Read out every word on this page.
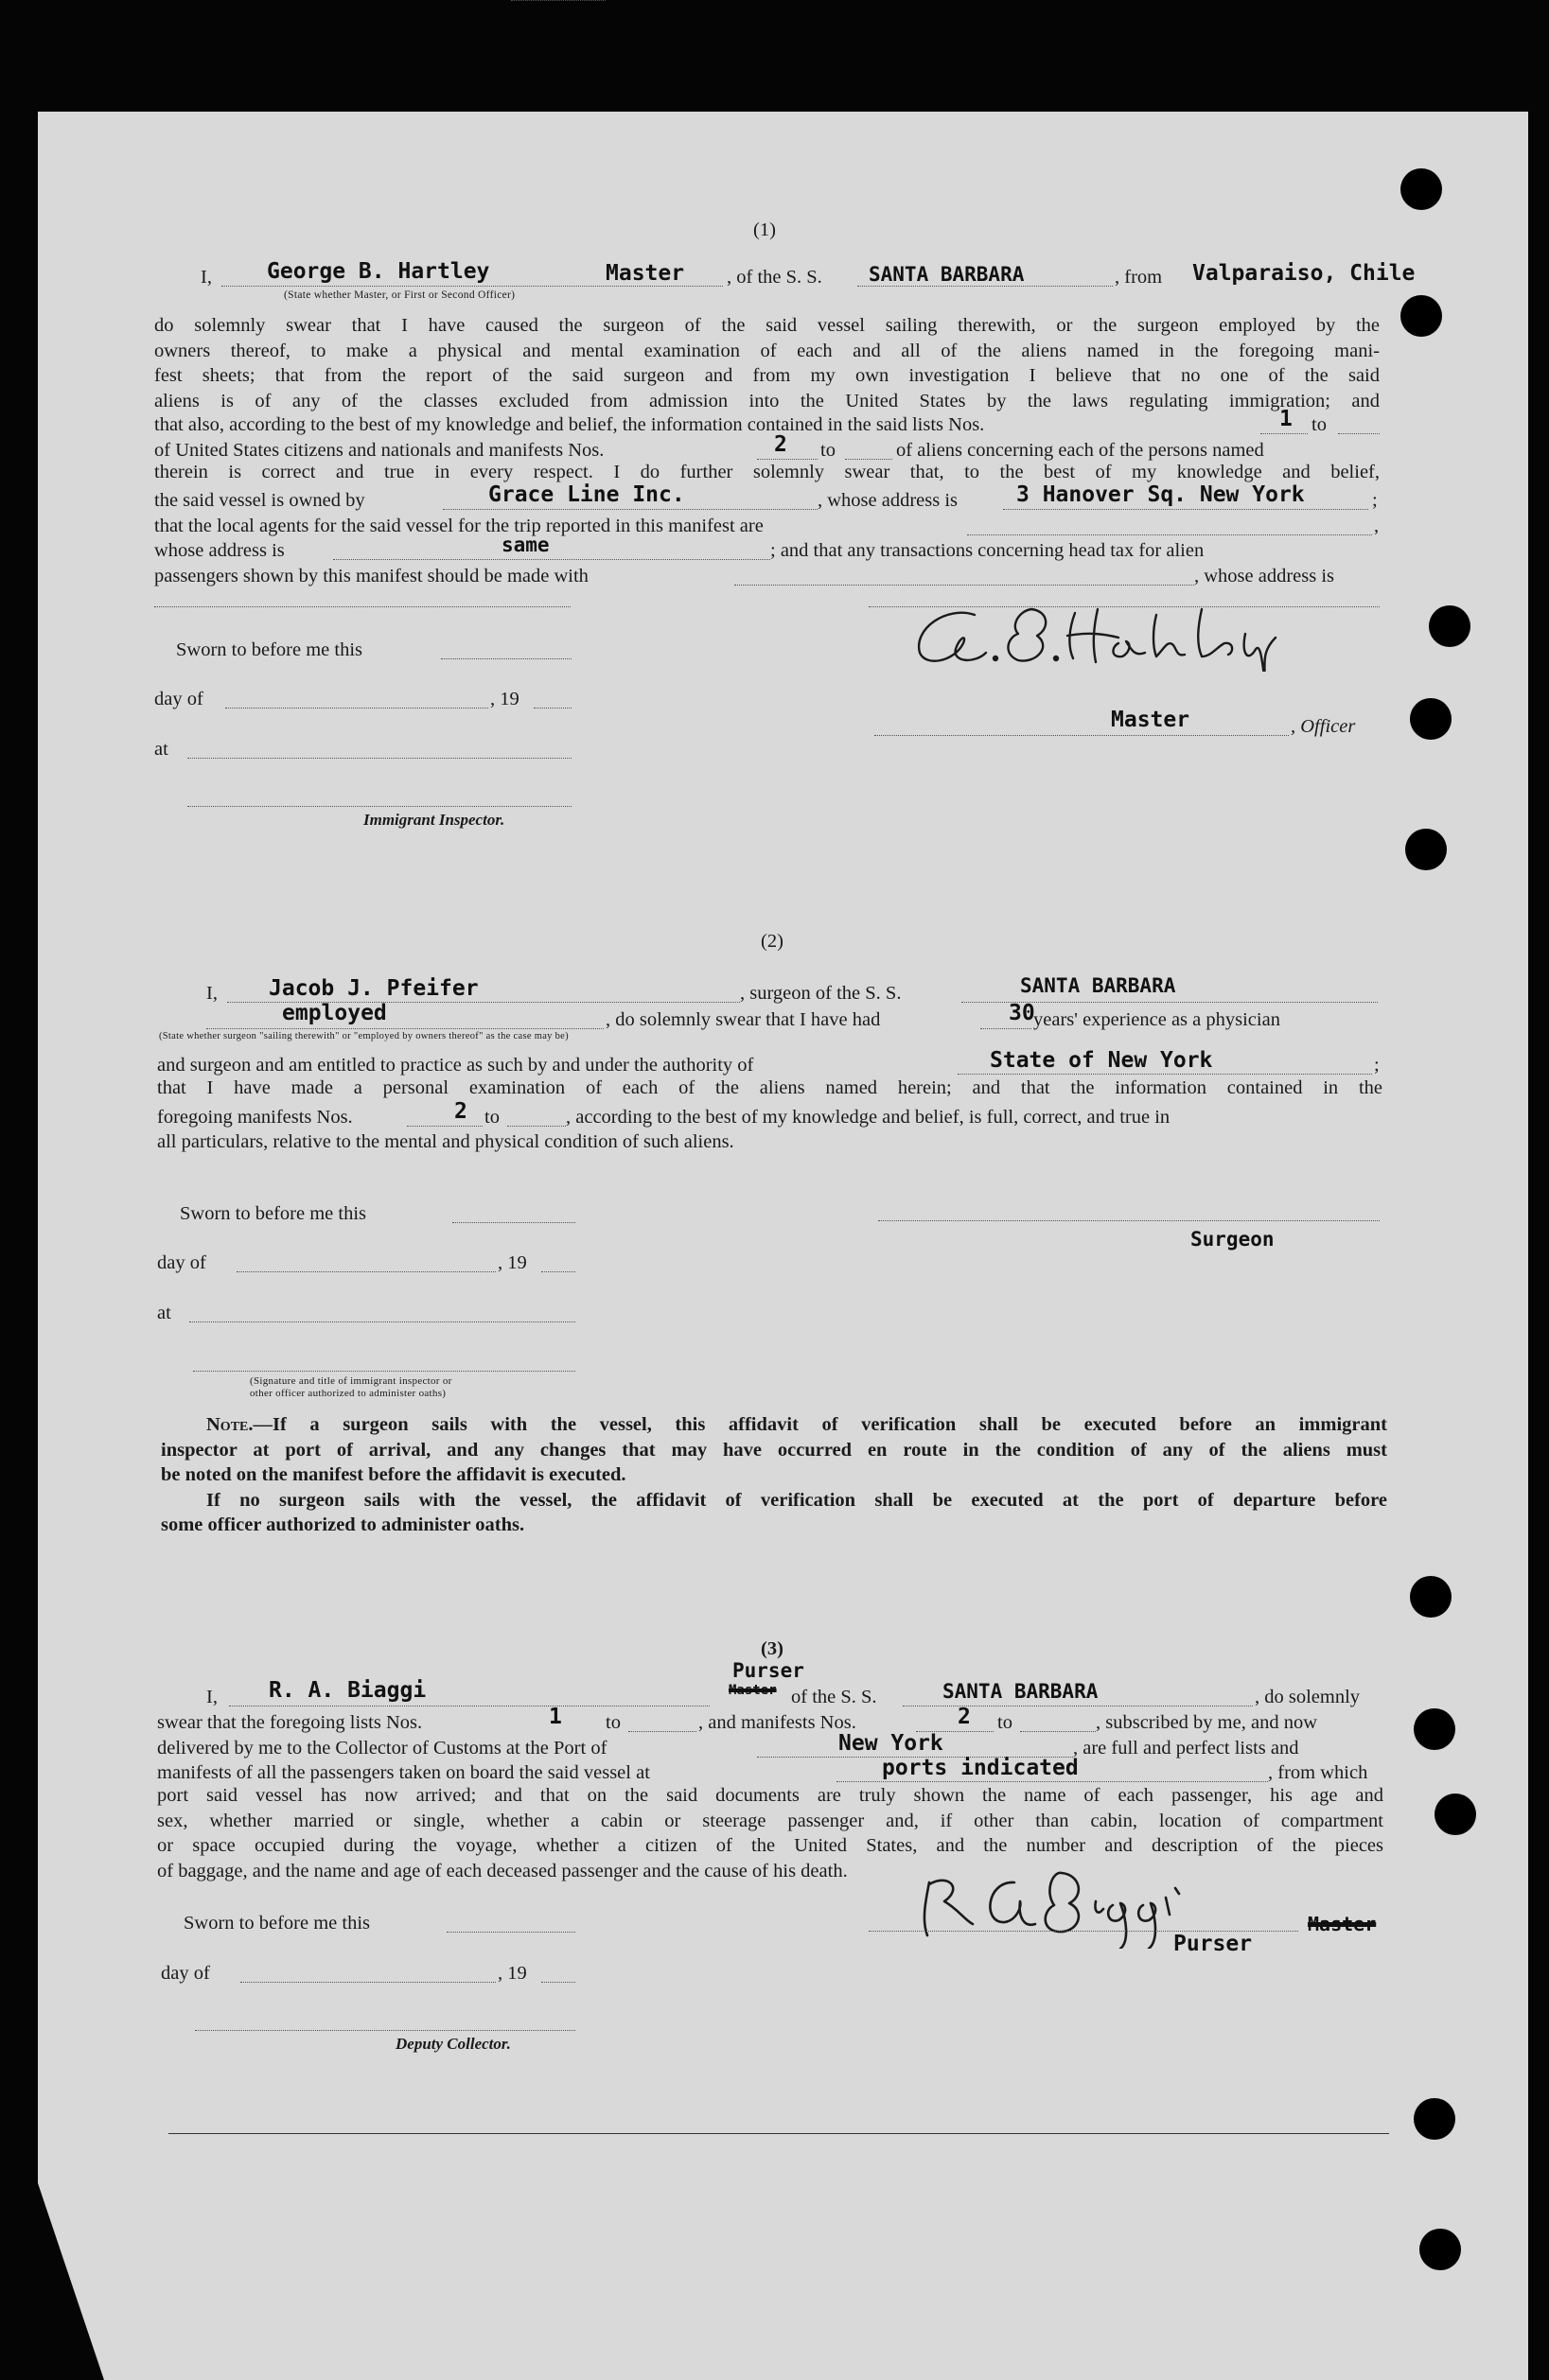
(1)
I,	George B. Hartley	Master , of the S. S. SANTA BARBARA	, from Valparaiso, Chile
(State whether Master, or First or Second Officer)
do solemnly swear that I have caused the surgeon of the said vessel sailing therewith, or the surgeon employed by the
owners thereof, to make a physical and mental examination of each and all of the aliens named in the foregoing mani-
fest sheets; that from the report of the said surgeon and from my own investigation I believe that no one of the said
aliens is of any of the classes excluded from admission into the United States by the laws regulating immigration; and
that also, according to the best of my knowledge and belief, the information contained in the said lists Nos.	1 to
of United States citizens and nationals and manifests Nos.	2 to	of aliens concerning each of the persons named
therein is correct and true in every respect. I do further solemnly swear that, to the best of my knowledge and belief,
the said vessel is owned by	Grace Line Inc.	, whose address is	3 Hanover Sq. New York	;
that the local agents for the said vessel for the trip reported in this manifest are	,
whose address is	same	; and that any transactions concerning head tax for alien
passengers shown by this manifest should be made with	, whose address is
Sworn to before me this
day of	, 19
at
Immigrant Inspector.
Master	, Officer
(2)
I, Jacob J. Pfeifer	, surgeon of the S. S.	SANTA BARBARA
employed	, do solemnly swear that I have had	30
years' experience as a physician
(State whether surgeon "sailing therewith" or "employed by owners thereof" as the case may be)
and surgeon and am entitled to practice as such by and under the authority of	State of New York	;
that I have made a personal examination of each of the aliens named herein; and that the information contained in the
foregoing manifests Nos.	2 to	, according to the best of my knowledge and belief, is full, correct, and true in
all particulars, relative to the mental and physical condition of such aliens.
Sworn to before me this
day of	, 19
at
Surgeon
(Signature and title of immigrant inspector or
other officer authorized to administer oaths)
Note.—If a surgeon sails with the vessel, this affidavit of verification shall be executed before an immigrant
inspector at port of arrival, and any changes that may have occurred en route in the condition of any of the aliens must
be noted on the manifest before the affidavit is executed.
If no surgeon sails with the vessel, the affidavit of verification shall be executed at the port of departure before
some officer authorized to administer oaths.
(3)
I, R. A. Biaggi
Purser
Master of the S. S.	SANTA BARBARA	, do solemnly
swear that the foregoing lists Nos.	1 to	, and manifests Nos.	2 to	, subscribed by me, and now
delivered by me to the Collector of Customs at the Port of	New York	, are full and perfect lists and
manifests of all the passengers taken on board the said vessel at	ports indicated	, from which
port said vessel has now arrived; and that on the said documents are truly shown the name of each passenger, his age and
sex, whether married or single, whether a cabin or steerage passenger and, if other than cabin, location of compartment
or space occupied during the voyage, whether a citizen of the United States, and the number and description of the pieces
of baggage, and the name and age of each deceased passenger and the cause of his death.
Sworn to before me this
day of	, 19
Deputy Collector.
Purser
Master
